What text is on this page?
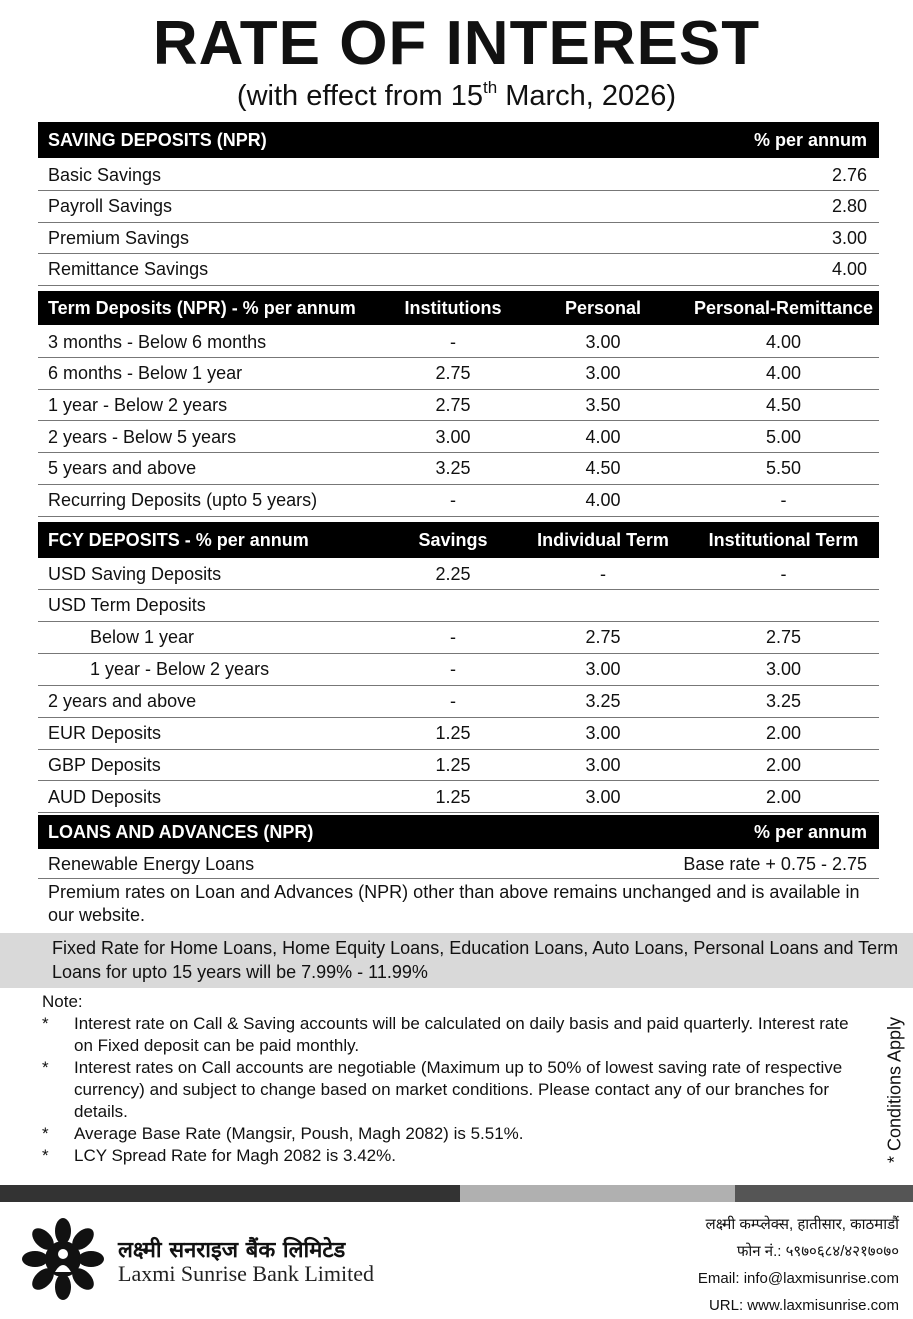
RATE OF INTEREST
(with effect from 15th March, 2026)
SAVING DEPOSITS (NPR)	% per annum
Basic Savings	2.76
Payroll Savings	2.80
Premium Savings	3.00
Remittance Savings	4.00
Term Deposits (NPR) - % per annum	Institutions	Personal	Personal-Remittance
3 months - Below 6 months	-	3.00	4.00
6 months - Below 1 year	2.75	3.00	4.00
1 year - Below 2 years	2.75	3.50	4.50
2 years - Below 5 years	3.00	4.00	5.00
5 years and above	3.25	4.50	5.50
Recurring Deposits (upto 5 years)	-	4.00	-
FCY DEPOSITS - % per annum	Savings	Individual Term	Institutional Term
USD Saving Deposits	2.25	-	-
USD Term Deposits
Below 1 year	-	2.75	2.75
1 year - Below 2 years	-	3.00	3.00
2 years and above	-	3.25	3.25
EUR Deposits	1.25	3.00	2.00
GBP Deposits	1.25	3.00	2.00
AUD Deposits	1.25	3.00	2.00
LOANS AND ADVANCES (NPR)	% per annum
Renewable Energy Loans	Base rate + 0.75 - 2.75
Premium rates on Loan and Advances (NPR) other than above remains unchanged and is available in our website.
Fixed Rate for Home Loans, Home Equity Loans, Education Loans, Auto Loans, Personal Loans and Term Loans for upto 15 years will be 7.99% - 11.99%
Note:
*	Interest rate on Call & Saving accounts will be calculated on daily basis and paid quarterly. Interest rate on Fixed deposit can be paid monthly.
*	Interest rates on Call accounts are negotiable (Maximum up to 50% of lowest saving rate of respective currency) and subject to change based on market conditions. Please contact any of our branches for details.
*	Average Base Rate (Mangsir, Poush, Magh 2082) is 5.51%.
*	LCY Spread Rate for Magh 2082 is 3.42%.	* Conditions Apply
लक्ष्मी सनराइज बैंक लिमिटेड
Laxmi Sunrise Bank Limited
लक्ष्मी कम्प्लेक्स, हातीसार, काठमाडौं
फोन नं.: ५९७०६८४/४२१७०७०
Email: info@laxmisunrise.com
URL: www.laxmisunrise.com
